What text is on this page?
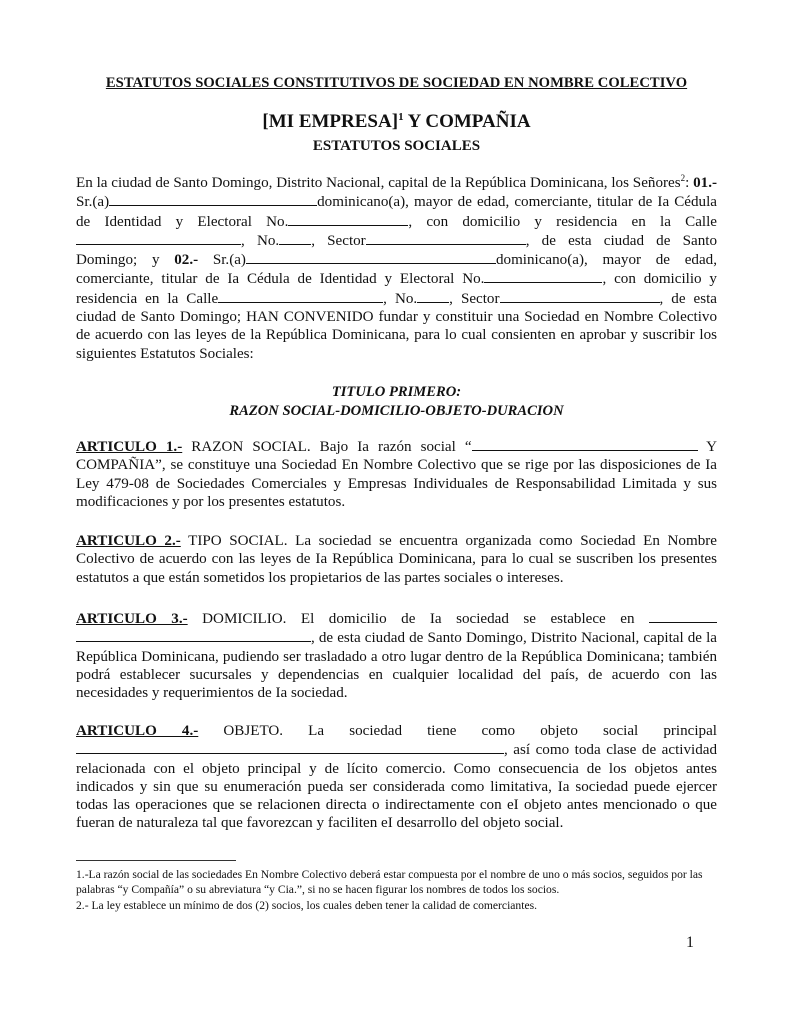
ESTATUTOS SOCIALES CONSTITUTIVOS DE SOCIEDAD EN NOMBRE COLECTIVO
[MI EMPRESA]$^1$ Y COMPAÑIA
ESTATUTOS SOCIALES
En la ciudad de Santo Domingo, Distrito Nacional, capital de la República Dominicana, los Señores$^2$: 01.- Sr.(a)	dominicano(a), mayor de edad, comerciante, titular de Ia Cédula de Identidad y Electoral No.	, con domicilio y residencia en la Calle, No. , Sector	, de esta ciudad de Santo Domingo; y 02.- Sr.(a)	dominicano(a), mayor de edad, comerciante, titular de Ia Cédula de Identidad y Electoral No.	, con domicilio y residencia en la Calle	, No. , Sector	, de esta ciudad de Santo Domingo; HAN CONVENIDO fundar y constituir una Sociedad en Nombre Colectivo de acuerdo con las leyes de la República Dominicana, para lo cual consienten en aprobar y suscribir los siguientes Estatutos Sociales:
TITULO PRIMERO:
RAZON SOCIAL-DOMICILIO-OBJETO-DURACION
ARTICULO 1.- RAZON SOCIAL. Bajo Ia razón social “	Y COMPAÑIA”, se constituye una Sociedad En Nombre Colectivo que se rige por las disposiciones de Ia Ley 479-08 de Sociedades Comerciales y Empresas Individuales de Responsabilidad Limitada y sus modificaciones y por los presentes estatutos.
ARTICULO 2.- TIPO SOCIAL. La sociedad se encuentra organizada como Sociedad En Nombre Colectivo de acuerdo con las leyes de Ia República Dominicana, para lo cual se suscriben los presentes estatutos a que están sometidos los propietarios de las partes sociales o intereses.
ARTICULO 3.- DOMICILIO. El domicilio de Ia sociedad se establece en  , de esta ciudad de Santo Domingo, Distrito Nacional, capital de la República Dominicana, pudiendo ser trasladado a otro lugar dentro de la República Dominicana; también podrá establecer sucursales y dependencias en cualquier localidad del país, de acuerdo con las necesidades y requerimientos de Ia sociedad.
ARTICULO 4.- OBJETO. La sociedad tiene como objeto social principal , así como toda clase de actividad relacionada con el objeto principal y de lícito comercio. Como consecuencia de los objetos antes indicados y sin que su enumeración pueda ser considerada como limitativa, Ia sociedad puede ejercer todas las operaciones que se relacionen directa o indirectamente con eI objeto antes mencionado o que fueran de naturaleza tal que favorezcan y faciliten eI desarrollo del objeto social.
1.-La razón social de las sociedades En Nombre Colectivo deberá estar compuesta por el nombre de uno o más socios, seguidos por las palabras “y Compañía” o su abreviatura “y Cia.”, si no se hacen figurar los nombres de todos los socios.
2.- La ley establece un mínimo de dos (2) socios, los cuales deben tener la calidad de comerciantes.
1
